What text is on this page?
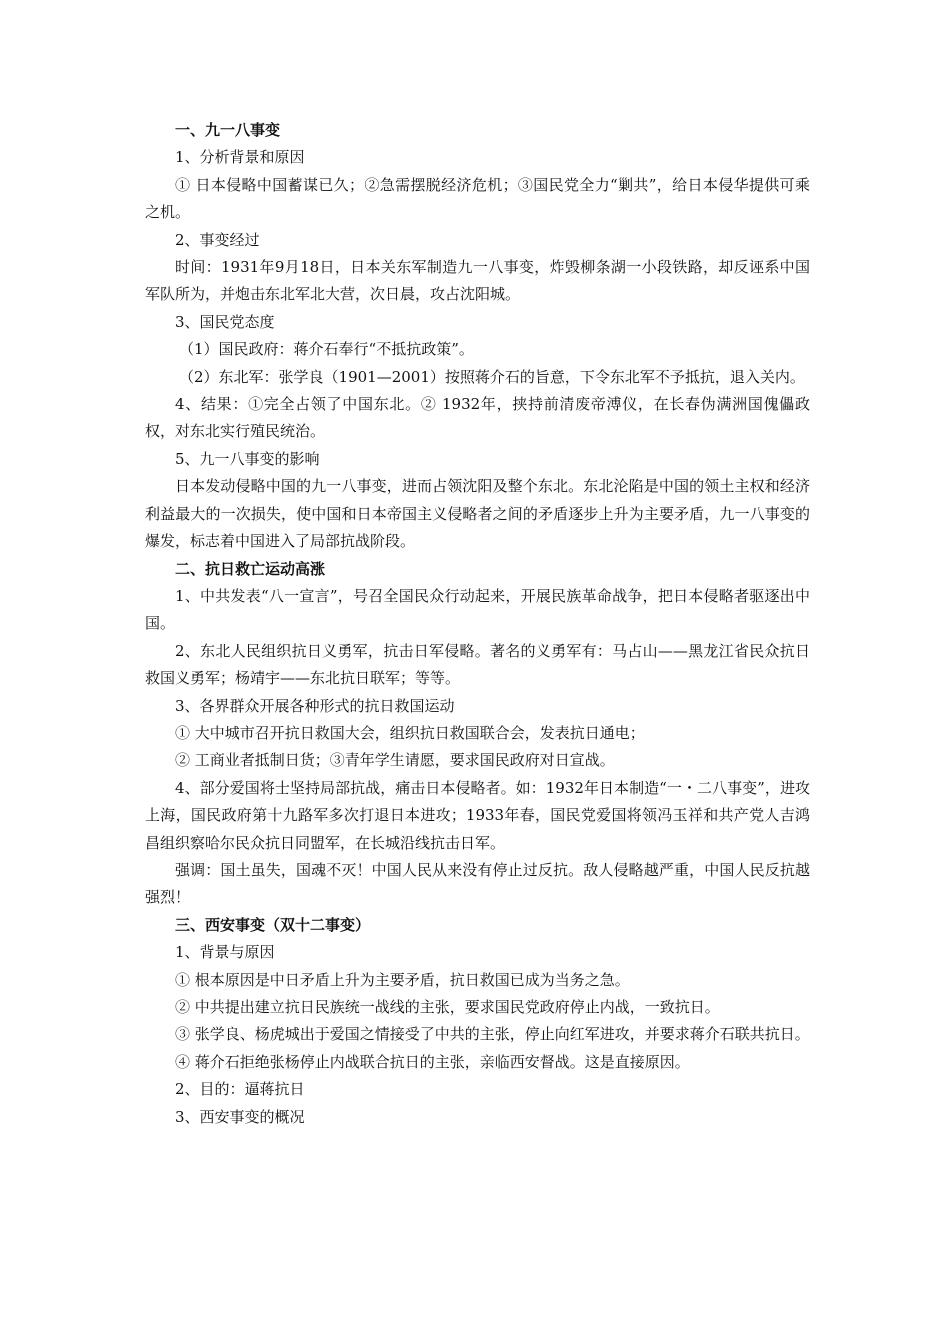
一、九一八事变

1、分析背景和原因

① 日本侵略中国蓄谋已久；②急需摆脱经济危机；③国民党全力“剿共”，给日本侵华提供可乘之机。

2、事变经过

时间：1931年9月18日，日本关东军制造九一八事变，炸毁柳条湖一小段铁路，却反诬系中国军队所为，并炮击东北军北大营，次日晨，攻占沈阳城。

3、国民党态度

（1）国民政府：蒋介石奉行“不抵抗政策”。

（2）东北军：张学良（1901—2001）按照蒋介石的旨意，下令东北军不予抵抗，退入关内。

4、结果：①完全占领了中国东北。② 1932年，挟持前清废帝溥仪，在长春伪满洲国傀儡政权，对东北实行殖民统治。

5、九一八事变的影响

日本发动侵略中国的九一八事变，进而占领沈阳及整个东北。东北沦陷是中国的领土主权和经济利益最大的一次损失，使中国和日本帝国主义侵略者之间的矛盾逐步上升为主要矛盾，九一八事变的爆发，标志着中国进入了局部抗战阶段。

二、抗日救亡运动高涨

1、中共发表“八一宣言”，号召全国民众行动起来，开展民族革命战争，把日本侵略者驱逐出中国。

2、东北人民组织抗日义勇军，抗击日军侵略。著名的义勇军有：马占山——黑龙江省民众抗日救国义勇军；杨靖宇——东北抗日联军；等等。

3、各界群众开展各种形式的抗日救国运动

① 大中城市召开抗日救国大会，组织抗日救国联合会，发表抗日通电；

② 工商业者抵制日货；③青年学生请愿，要求国民政府对日宣战。

4、部分爱国将士坚持局部抗战，痛击日本侵略者。如：1932年日本制造“一・二八事变”，进攻上海，国民政府第十九路军多次打退日本进攻；1933年春，国民党爱国将领冯玉祥和共产党人吉鸿昌组织察哈尔民众抗日同盟军，在长城沿线抗击日军。

强调：国土虽失，国魂不灭！中国人民从来没有停止过反抗。敌人侵略越严重，中国人民反抗越强烈！

三、西安事变（双十二事变）

1、背景与原因

① 根本原因是中日矛盾上升为主要矛盾，抗日救国已成为当务之急。

② 中共提出建立抗日民族统一战线的主张，要求国民党政府停止内战，一致抗日。

③ 张学良、杨虎城出于爱国之情接受了中共的主张，停止向红军进攻，并要求蒋介石联共抗日。

④ 蒋介石拒绝张杨停止内战联合抗日的主张，亲临西安督战。这是直接原因。

2、目的：逼蒋抗日

3、西安事变的概况
